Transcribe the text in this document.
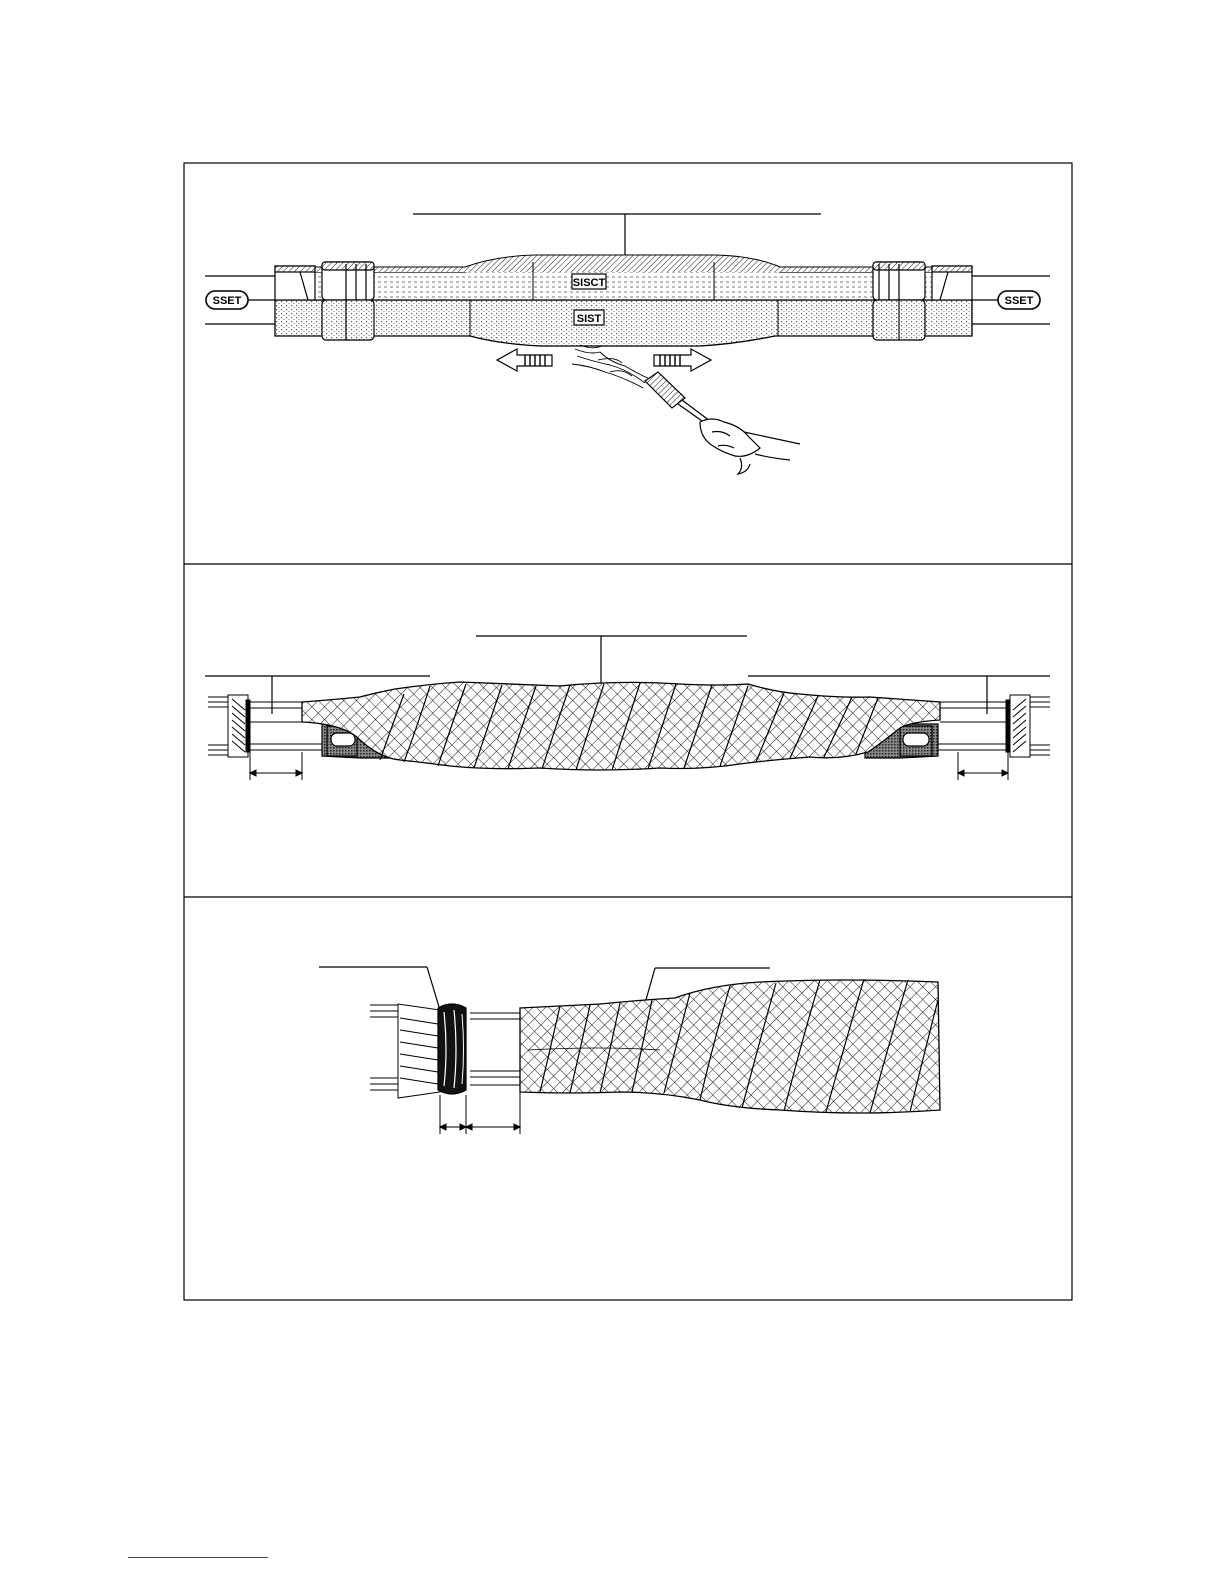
SSET	SSET
SISCT
SIST
